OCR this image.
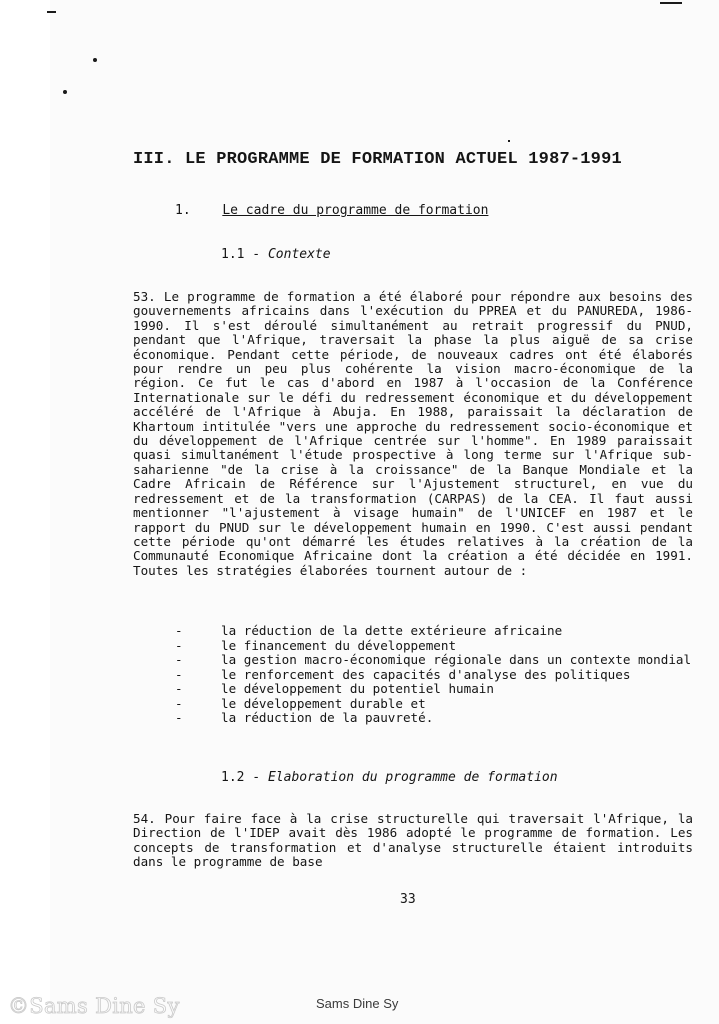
III. LE PROGRAMME DE FORMATION ACTUEL 1987-1991
1. Le cadre du programme de formation
1.1 - Contexte

53. Le programme de formation a été élaboré pour répondre aux besoins des gouvernements africains dans l'exécution du PPREA et du PANUREDA, 1986-1990. Il s'est déroulé simultanément au retrait progressif du PNUD, pendant que l'Afrique, traversait la phase la plus aiguë de sa crise économique. Pendant cette période, de nouveaux cadres ont été élaborés pour rendre un peu plus cohérente la vision macro-économique de la région. Ce fut le cas d'abord en 1987 à l'occasion de la Conférence Internationale sur le défi du redressement économique et du développement accéléré de l'Afrique à Abuja. En 1988, paraissait la déclaration de Khartoum intitulée "vers une approche du redressement socio-économique et du développement de l'Afrique centrée sur l'homme". En 1989 paraissait quasi simultanément l'étude prospective à long terme sur l'Afrique sub-saharienne "de la crise à la croissance" de la Banque Mondiale et la Cadre Africain de Référence sur l'Ajustement structurel, en vue du redressement et de la transformation (CARPAS) de la CEA. Il faut aussi mentionner "l'ajustement à visage humain" de l'UNICEF en 1987 et le rapport du PNUD sur le développement humain en 1990. C'est aussi pendant cette période qu'ont démarré les études relatives à la création de la Communauté Economique Africaine dont la création a été décidée en 1991. Toutes les stratégies élaborées tournent autour de :

-	la réduction de la dette extérieure africaine
-	le financement du développement
-	la gestion macro-économique régionale dans un contexte mondial
-	le renforcement des capacités d'analyse des politiques
-	le développement du potentiel humain
-	le développement durable et
-	la réduction de la pauvreté.
1.2 - Elaboration du programme de formation

54. Pour faire face à la crise structurelle qui traversait l'Afrique, la Direction de l'IDEP avait dès 1986 adopté le programme de formation. Les concepts de transformation et d'analyse structurelle étaient introduits dans le programme de base

33
©Sams Dine Sy	Sams Dine Sy
